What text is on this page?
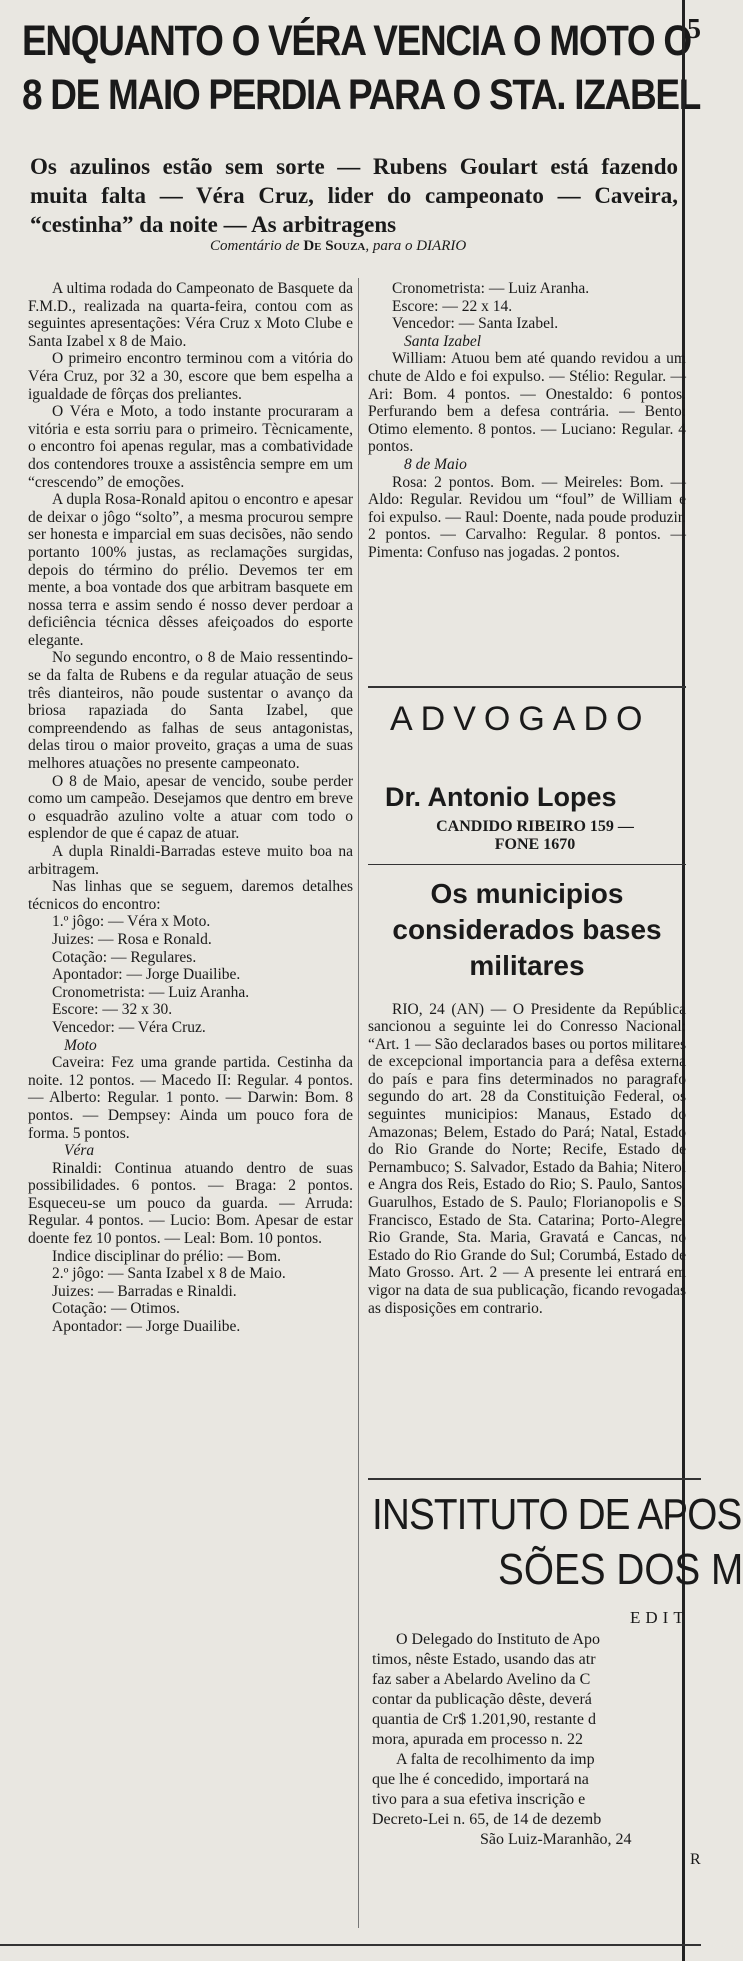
ENQUANTO O VÉRA VENCIA O MOTO O
8 DE MAIO PERDIA PARA O STA. IZABEL
Os azulinos estão sem sorte — Rubens Goulart está fazendo muita falta — Véra Cruz, lider do campeonato — Caveira, “cestinha” da noite — As arbitragens
Comentário de De Souza, para o DIARIO
5

A ultima rodada do Campeonato de Basquete da F.M.D., realizada na quarta-feira, contou com as seguintes apresentações: Véra Cruz x Moto Clube e Santa Izabel x 8 de Maio.

O primeiro encontro terminou com a vitória do Véra Cruz, por 32 a 30, escore que bem espelha a igualdade de fôrças dos preliantes.

O Véra e Moto, a todo instante procuraram a vitória e esta sorriu para o primeiro. Tècnicamente, o encontro foi apenas regular, mas a combatividade dos contendores trouxe a assistência sempre em um “crescendo” de emoções.

A dupla Rosa-Ronald apitou o encontro e apesar de deixar o jôgo “solto”, a mesma procurou sempre ser honesta e imparcial em suas decisões, não sendo portanto 100% justas, as reclamações surgidas, depois do término do prélio. Devemos ter em mente, a boa vontade dos que arbitram basquete em nossa terra e assim sendo é nosso dever perdoar a deficiência técnica dêsses afeiçoados do esporte elegante.

No segundo encontro, o 8 de Maio ressentindo-se da falta de Rubens e da regular atuação de seus três dianteiros, não poude sustentar o avanço da briosa rapaziada do Santa Izabel, que compreendendo as falhas de seus antagonistas, delas tirou o maior proveito, graças a uma de suas melhores atuações no presente campeonato.

O 8 de Maio, apesar de vencido, soube perder como um campeão. Desejamos que dentro em breve o esquadrão azulino volte a atuar com todo o esplendor de que é capaz de atuar.

A dupla Rinaldi-Barradas esteve muito boa na arbitragem.

Nas linhas que se seguem, daremos detalhes técnicos do encontro:

1.º jôgo: — Véra x Moto.

Juizes: — Rosa e Ronald.

Cotação: — Regulares.

Apontador: — Jorge Duailibe.

Cronometrista: — Luiz Aranha.

Escore: — 32 x 30.

Vencedor: — Véra Cruz.

Moto

Caveira: Fez uma grande partida. Cestinha da noite. 12 pontos. — Macedo II: Regular. 4 pontos. — Alberto: Regular. 1 ponto. — Darwin: Bom. 8 pontos. — Dempsey: Ainda um pouco fora de forma. 5 pontos.

Véra

Rinaldi: Continua atuando dentro de suas possibilidades. 6 pontos. — Braga: 2 pontos. Esqueceu-se um pouco da guarda. — Arruda: Regular. 4 pontos. — Lucio: Bom. Apesar de estar doente fez 10 pontos. — Leal: Bom. 10 pontos.

Indice disciplinar do prélio: — Bom.

2.º jôgo: — Santa Izabel x 8 de Maio.

Juizes: — Barradas e Rinaldi.

Cotação: — Otimos.

Apontador: — Jorge Duailibe.

Cronometrista: — Luiz Aranha.

Escore: — 22 x 14.

Vencedor: — Santa Izabel.

Santa Izabel

William: Atuou bem até quando revidou a um chute de Aldo e foi expulso. — Stélio: Regular. — Ari: Bom. 4 pontos. — Onestaldo: 6 pontos. Perfurando bem a defesa contrária. — Bento: Otimo elemento. 8 pontos. — Luciano: Regular. 4 pontos.

8 de Maio

Rosa: 2 pontos. Bom. — Meireles: Bom. — Aldo: Regular. Revidou um “foul” de William e foi expulso. — Raul: Doente, nada poude produzir. 2 pontos. — Carvalho: Regular. 8 pontos. — Pimenta: Confuso nas jogadas. 2 pontos.

ADVOGADO
Dr. Antonio Lopes
CANDIDO RIBEIRO 159 —
FONE 1670
Os municipios considerados bases militares

RIO, 24 (AN) — O Presidente da República sancionou a seguinte lei do Conresso Nacional: “Art. 1 — São declarados bases ou portos militares de excepcional importancia para a defêsa externa do país e para fins determinados no paragrafo segundo do art. 28 da Constituição Federal, os seguintes municipios: Manaus, Estado do Amazonas; Belem, Estado do Pará; Natal, Estado do Rio Grande do Norte; Recife, Estado de Pernambuco; S. Salvador, Estado da Bahia; Niteroi e Angra dos Reis, Estado do Rio; S. Paulo, Santos, Guarulhos, Estado de S. Paulo; Florianopolis e S. Francisco, Estado de Sta. Catarina; Porto-Alegre, Rio Grande, Sta. Maria, Gravatá e Cancas, no Estado do Rio Grande do Sul; Corumbá, Estado de Mato Grosso. Art. 2 — A presente lei entrará em vigor na data de sua publicação, ficando revogadas as disposições em contrario.

INSTITUTO DE APOS
SÕES DOS M
EDIT

O Delegado do Instituto de Apo

timos, nêste Estado, usando das atr

faz saber a Abelardo Avelino da C

contar da publicação dêste, deverá

quantia de Cr$ 1.201,90, restante d

mora, apurada em processo n. 22

A falta de recolhimento da imp

que lhe é concedido, importará na

tivo para a sua efetiva inscrição e

Decreto-Lei n. 65, de 14 de dezemb

São Luiz-Maranhão, 24

R
